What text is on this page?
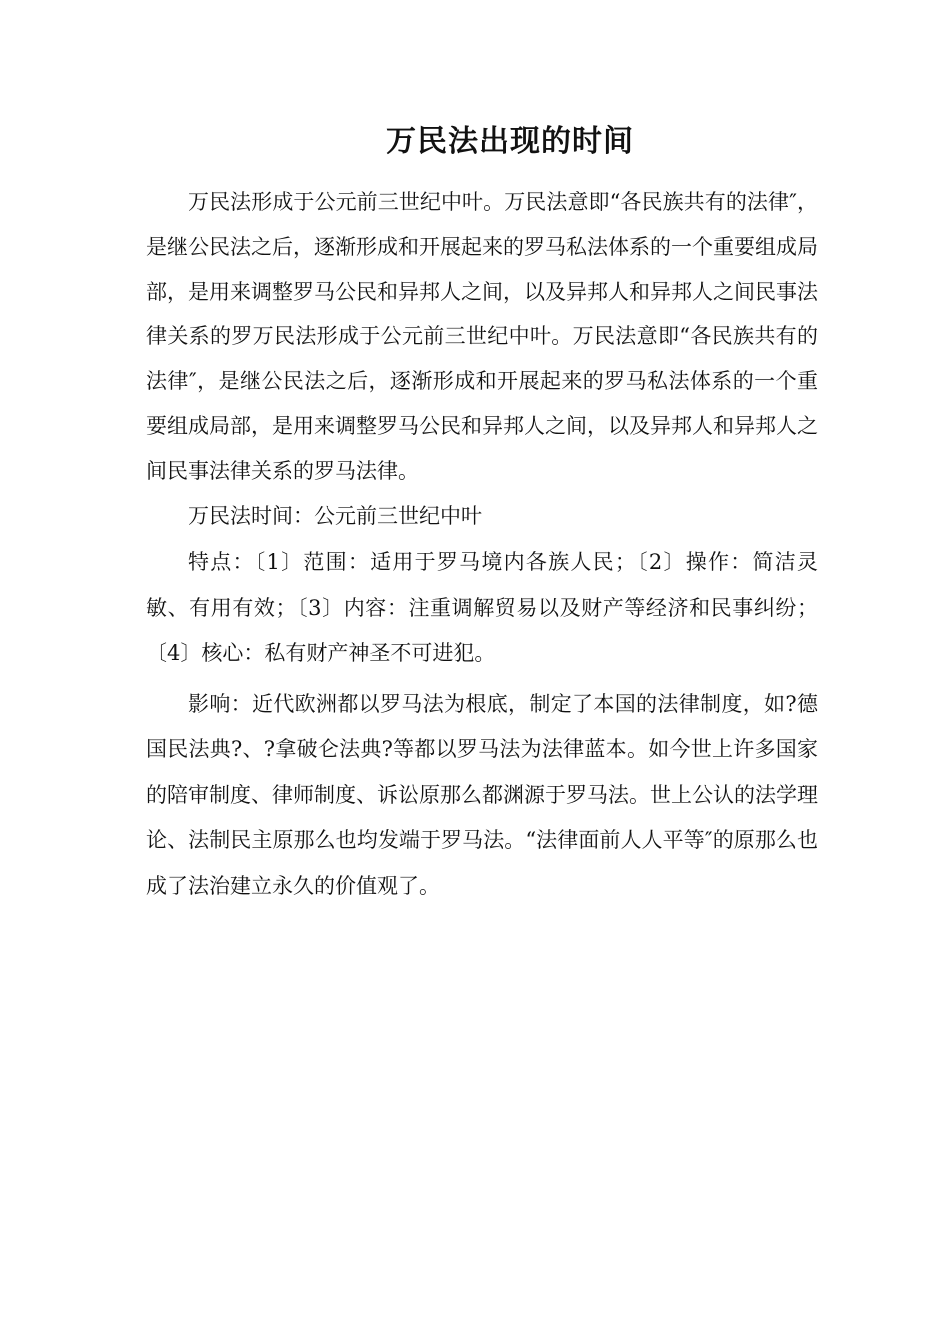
万民法出现的时间

万民法形成于公元前三世纪中叶。万民法意即“各民族共有的法律″，是继公民法之后，逐渐形成和开展起来的罗马私法体系的一个重要组成局部，是用来调整罗马公民和异邦人之间，以及异邦人和异邦人之间民事法律关系的罗万民法形成于公元前三世纪中叶。万民法意即“各民族共有的法律″，是继公民法之后，逐渐形成和开展起来的罗马私法体系的一个重要组成局部，是用来调整罗马公民和异邦人之间，以及异邦人和异邦人之间民事法律关系的罗马法律。

万民法时间：公元前三世纪中叶

特点：〔1〕范围：适用于罗马境内各族人民；〔2〕操作：简洁灵敏、有用有效；〔3〕内容：注重调解贸易以及财产等经济和民事纠纷；〔4〕核心：私有财产神圣不可进犯。

影响：近代欧洲都以罗马法为根底，制定了本国的法律制度，如?德国民法典?、?拿破仑法典?等都以罗马法为法律蓝本。如今世上许多国家的陪审制度、律师制度、诉讼原那么都渊源于罗马法。世上公认的法学理论、法制民主原那么也均发端于罗马法。“法律面前人人平等″的原那么也成了法治建立永久的价值观了。
